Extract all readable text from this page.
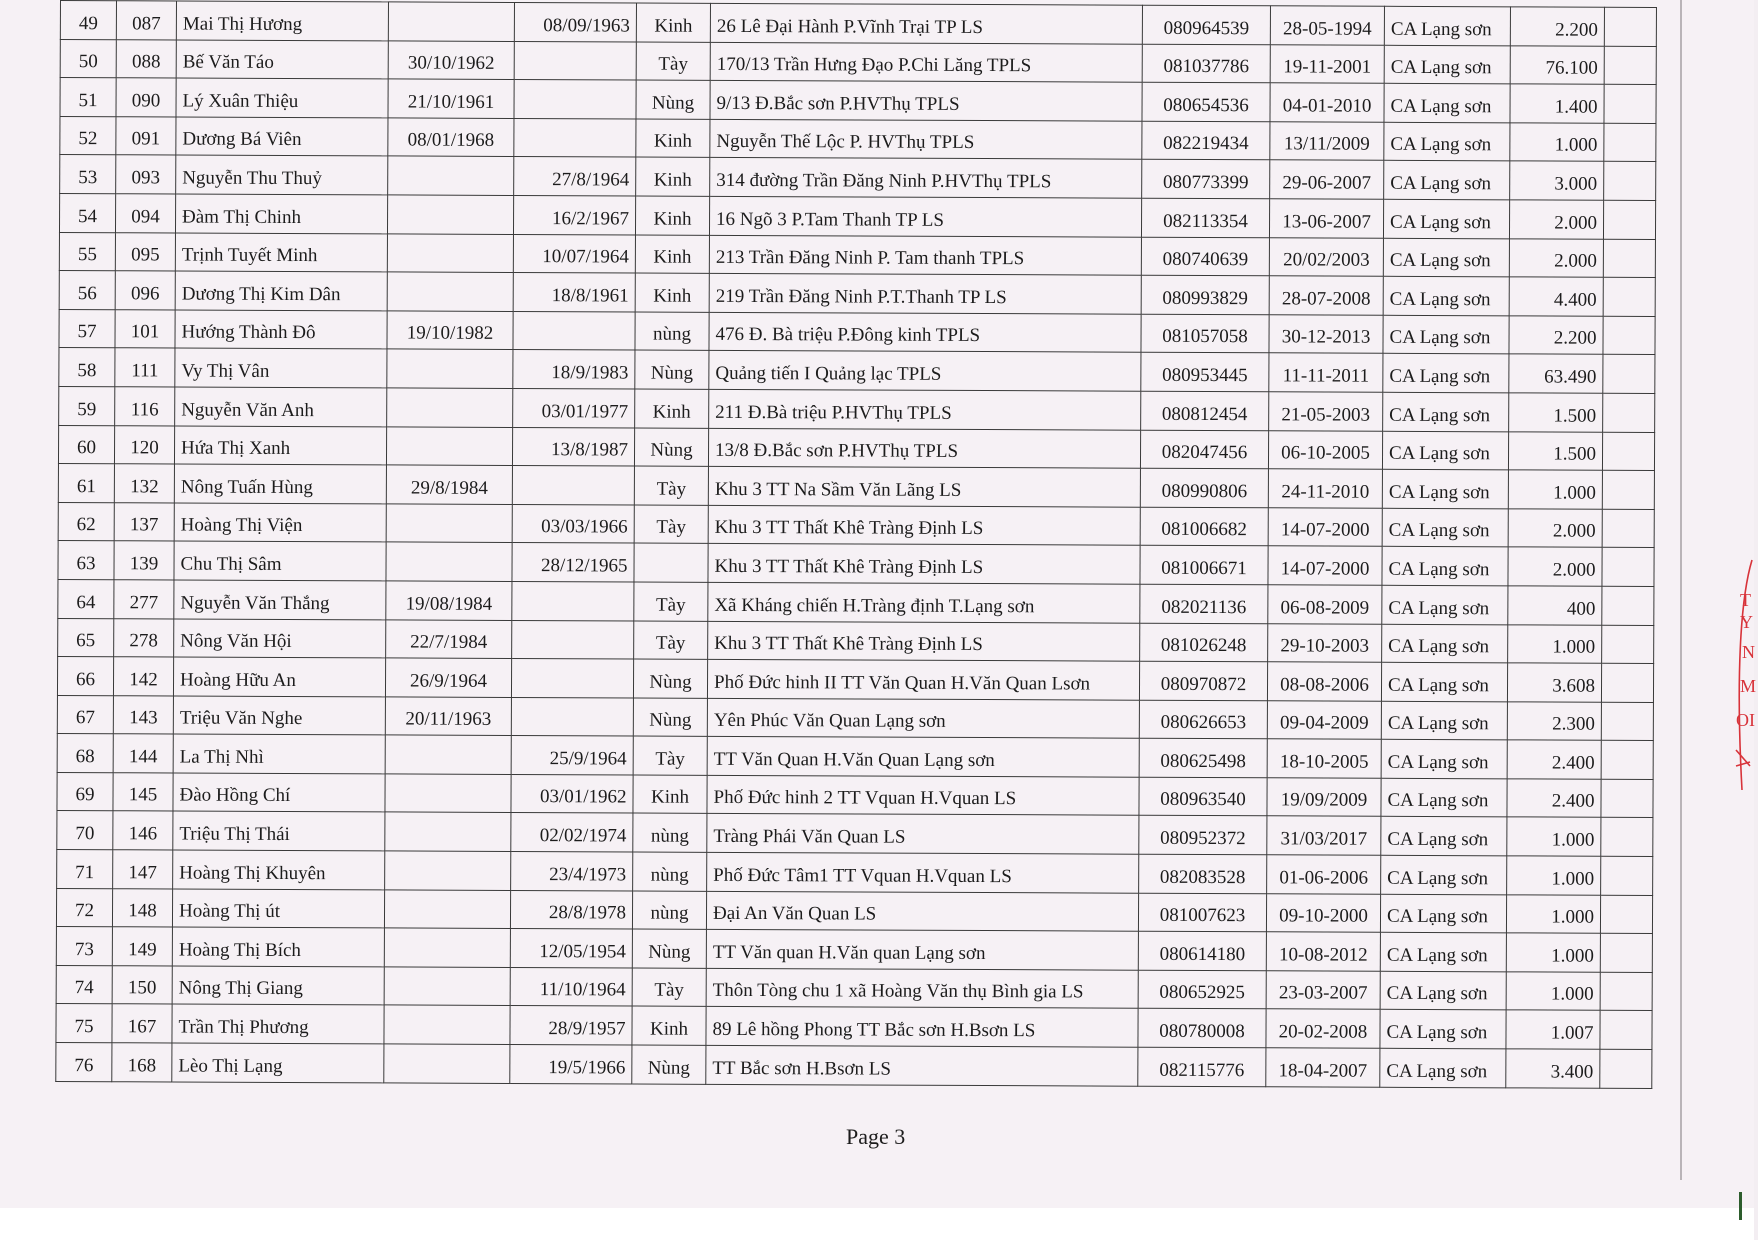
49	087	Mai Thị Hương		08/09/1963	Kinh	26 Lê Đại Hành P.Vĩnh Trại TP LS	080964539	28-05-1994	CA Lạng sơn	2.200	
50	088	Bế Văn Táo	30/10/1962		Tày	170/13 Trần Hưng Đạo P.Chi Lăng TPLS	081037786	19-11-2001	CA Lạng sơn	76.100	
51	090	Lý Xuân Thiệu	21/10/1961		Nùng	9/13 Đ.Bắc sơn P.HVThụ TPLS	080654536	04-01-2010	CA Lạng sơn	1.400	
52	091	Dương Bá Viên	08/01/1968		Kinh	Nguyễn Thế Lộc P. HVThụ TPLS	082219434	13/11/2009	CA Lạng sơn	1.000	
53	093	Nguyễn Thu Thuỷ		27/8/1964	Kinh	314 đường Trần Đăng Ninh P.HVThụ TPLS	080773399	29-06-2007	CA Lạng sơn	3.000	
54	094	Đàm Thị Chinh		16/2/1967	Kinh	16 Ngõ 3 P.Tam Thanh TP LS	082113354	13-06-2007	CA Lạng sơn	2.000	
55	095	Trịnh Tuyết Minh		10/07/1964	Kinh	213 Trần Đăng Ninh P. Tam thanh TPLS	080740639	20/02/2003	CA Lạng sơn	2.000	
56	096	Dương Thị Kim Dân		18/8/1961	Kinh	219 Trần Đăng Ninh P.T.Thanh TP LS	080993829	28-07-2008	CA Lạng sơn	4.400	
57	101	Hướng Thành Đô	19/10/1982		nùng	476 Đ. Bà triệu P.Đông kinh TPLS	081057058	30-12-2013	CA Lạng sơn	2.200	
58	111	Vy Thị Vân		18/9/1983	Nùng	Quảng tiến I Quảng lạc TPLS	080953445	11-11-2011	CA Lạng sơn	63.490	
59	116	Nguyễn Văn Anh		03/01/1977	Kinh	211 Đ.Bà triệu P.HVThụ TPLS	080812454	21-05-2003	CA Lạng sơn	1.500	
60	120	Hứa Thị Xanh		13/8/1987	Nùng	13/8 Đ.Bắc sơn P.HVThụ TPLS	082047456	06-10-2005	CA Lạng sơn	1.500	
61	132	Nông Tuấn Hùng	29/8/1984		Tày	Khu 3 TT Na Sầm Văn Lãng LS	080990806	24-11-2010	CA Lạng sơn	1.000	
62	137	Hoàng Thị Viện		03/03/1966	Tày	Khu 3 TT Thất Khê Tràng Định LS	081006682	14-07-2000	CA Lạng sơn	2.000	
63	139	Chu Thị Sâm		28/12/1965		Khu 3 TT Thất Khê Tràng Định LS	081006671	14-07-2000	CA Lạng sơn	2.000	
64	277	Nguyễn Văn Thắng	19/08/1984		Tày	Xã Kháng chiến H.Tràng định T.Lạng sơn	082021136	06-08-2009	CA Lạng sơn	400	
65	278	Nông Văn Hội	22/7/1984		Tày	Khu 3 TT Thất Khê Tràng Định LS	081026248	29-10-2003	CA Lạng sơn	1.000	
66	142	Hoàng Hữu An	26/9/1964		Nùng	Phố Đức hinh II TT Văn Quan H.Văn Quan Lsơn	080970872	08-08-2006	CA Lạng sơn	3.608	
67	143	Triệu Văn Nghe	20/11/1963		Nùng	Yên Phúc Văn Quan Lạng sơn	080626653	09-04-2009	CA Lạng sơn	2.300	
68	144	La Thị Nhì		25/9/1964	Tày	TT Văn Quan H.Văn Quan Lạng sơn	080625498	18-10-2005	CA Lạng sơn	2.400	
69	145	Đào Hồng Chí		03/01/1962	Kinh	Phố Đức hinh 2 TT Vquan H.Vquan LS	080963540	19/09/2009	CA Lạng sơn	2.400	
70	146	Triệu Thị Thái		02/02/1974	nùng	Tràng Phái Văn Quan LS	080952372	31/03/2017	CA Lạng sơn	1.000	
71	147	Hoàng Thị Khuyên		23/4/1973	nùng	Phố Đức Tâm1 TT Vquan H.Vquan LS	082083528	01-06-2006	CA Lạng sơn	1.000	
72	148	Hoàng Thị út		28/8/1978	nùng	Đại An Văn Quan LS	081007623	09-10-2000	CA Lạng sơn	1.000	
73	149	Hoàng Thị Bích		12/05/1954	Nùng	TT Văn quan H.Văn quan Lạng sơn	080614180	10-08-2012	CA Lạng sơn	1.000	
74	150	Nông Thị Giang		11/10/1964	Tày	Thôn Tòng chu 1 xã Hoàng Văn thụ Bình gia LS	080652925	23-03-2007	CA Lạng sơn	1.000	
75	167	Trần Thị Phương		28/9/1957	Kinh	89 Lê hồng Phong TT Bắc sơn H.Bsơn LS	080780008	20-02-2008	CA Lạng sơn	1.007	
76	168	Lèo Thị Lạng		19/5/1966	Nùng	TT Bắc sơn H.Bsơn LS	082115776	18-04-2007	CA Lạng sơn	3.400	
Page 3
T
Y
N
M
OI
